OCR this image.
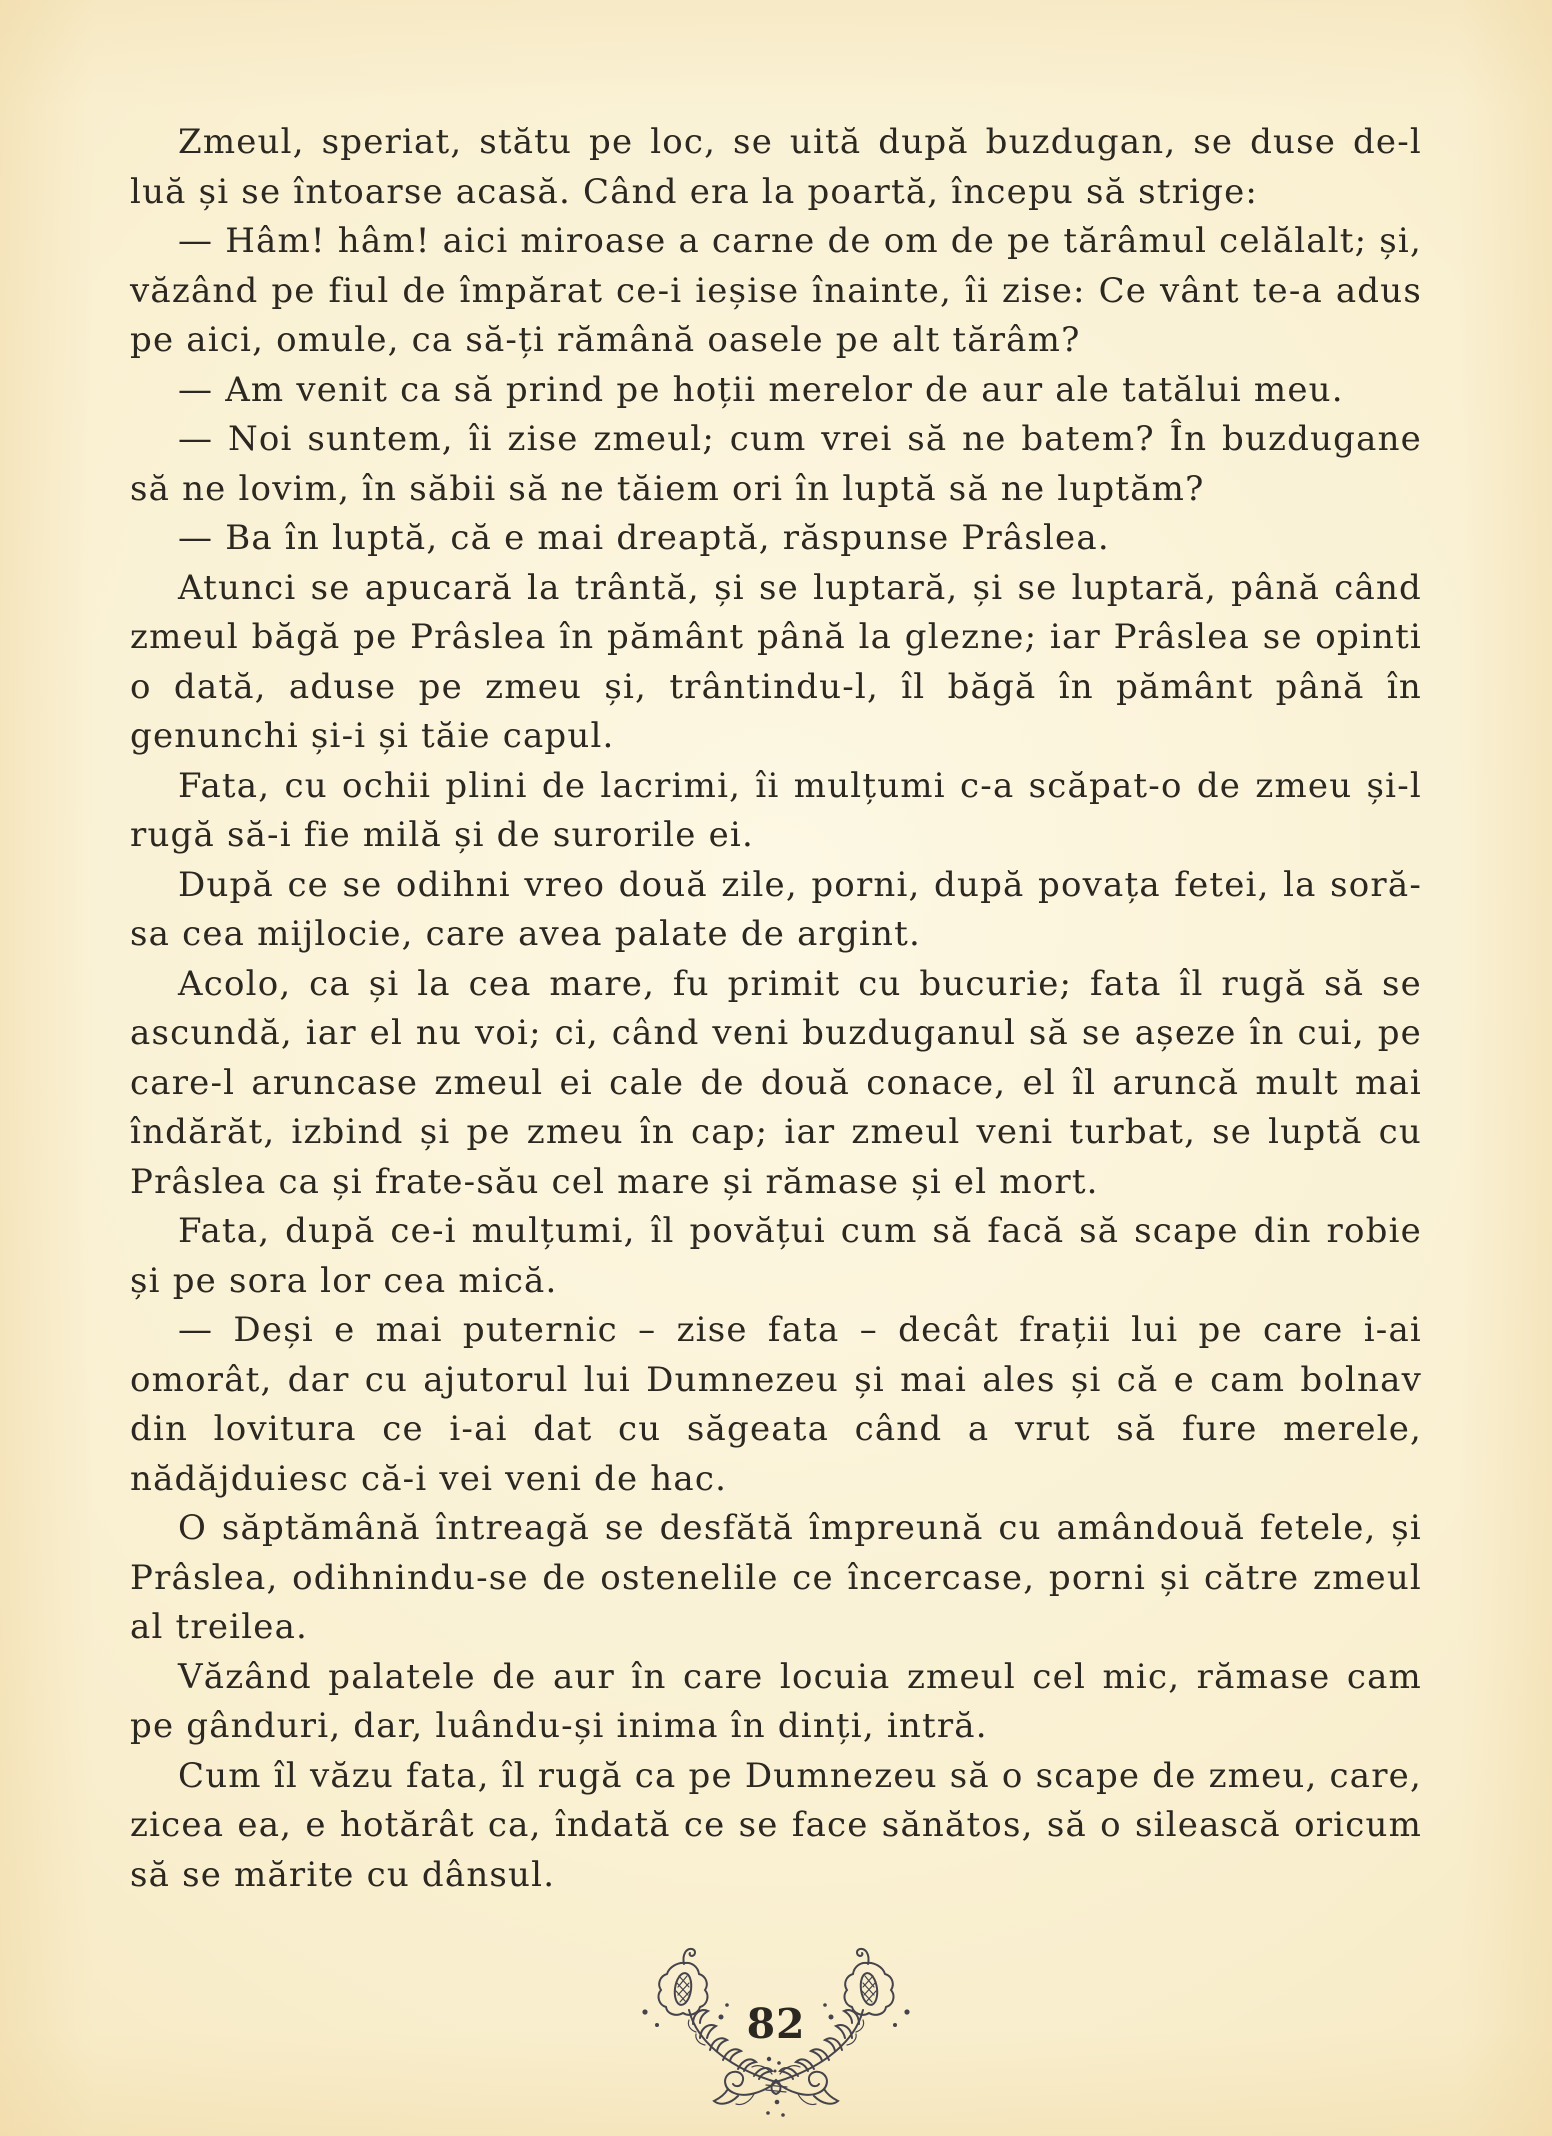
Zmeul, speriat, stătu pe loc, se uită după buzdugan, se duse de-l luă și se întoarse acasă. Când era la poartă, începu să strige:

— Hâm! hâm! aici miroase a carne de om de pe tărâmul celălalt; și, văzând pe fiul de împărat ce-i ieșise înainte, îi zise: Ce vânt te-a adus pe aici, omule, ca să-ți rămână oasele pe alt tărâm?

— Am venit ca să prind pe hoții merelor de aur ale tatălui meu.

— Noi suntem, îi zise zmeul; cum vrei să ne batem? În buzdugane să ne lovim, în săbii să ne tăiem ori în luptă să ne luptăm?

— Ba în luptă, că e mai dreaptă, răspunse Prâslea.

Atunci se apucară la trântă, și se luptară, și se luptară, până când zmeul băgă pe Prâslea în pământ până la glezne; iar Prâslea se opinti o dată, aduse pe zmeu și, trântindu-l, îl băgă în pământ până în genunchi și-i și tăie capul.

Fata, cu ochii plini de lacrimi, îi mulțumi c-a scăpat-o de zmeu și-l rugă să-i fie milă și de surorile ei.

După ce se odihni vreo două zile, porni, după povața fetei, la soră-sa cea mijlocie, care avea palate de argint.

Acolo, ca și la cea mare, fu primit cu bucurie; fata îl rugă să se ascundă, iar el nu voi; ci, când veni buzduganul să se așeze în cui, pe care-l aruncase zmeul ei cale de două conace, el îl aruncă mult mai îndărăt, izbind și pe zmeu în cap; iar zmeul veni turbat, se luptă cu Prâslea ca și frate-său cel mare și rămase și el mort.

Fata, după ce-i mulțumi, îl povățui cum să facă să scape din robie și pe sora lor cea mică.

— Deși e mai puternic – zise fata – decât frații lui pe care i-ai omorât, dar cu ajutorul lui Dumnezeu și mai ales și că e cam bolnav din lovitura ce i-ai dat cu săgeata când a vrut să fure merele, nădăjduiesc că-i vei veni de hac.

O săptămână întreagă se desfătă împreună cu amândouă fetele, și Prâslea, odihnindu-se de ostenelile ce încercase, porni și către zmeul al treilea.

Văzând palatele de aur în care locuia zmeul cel mic, rămase cam pe gânduri, dar, luându-și inima în dinți, intră.

Cum îl văzu fata, îl rugă ca pe Dumnezeu să o scape de zmeu, care, zicea ea, e hotărât ca, îndată ce se face sănătos, să o silească oricum să se mărite cu dânsul.

82
